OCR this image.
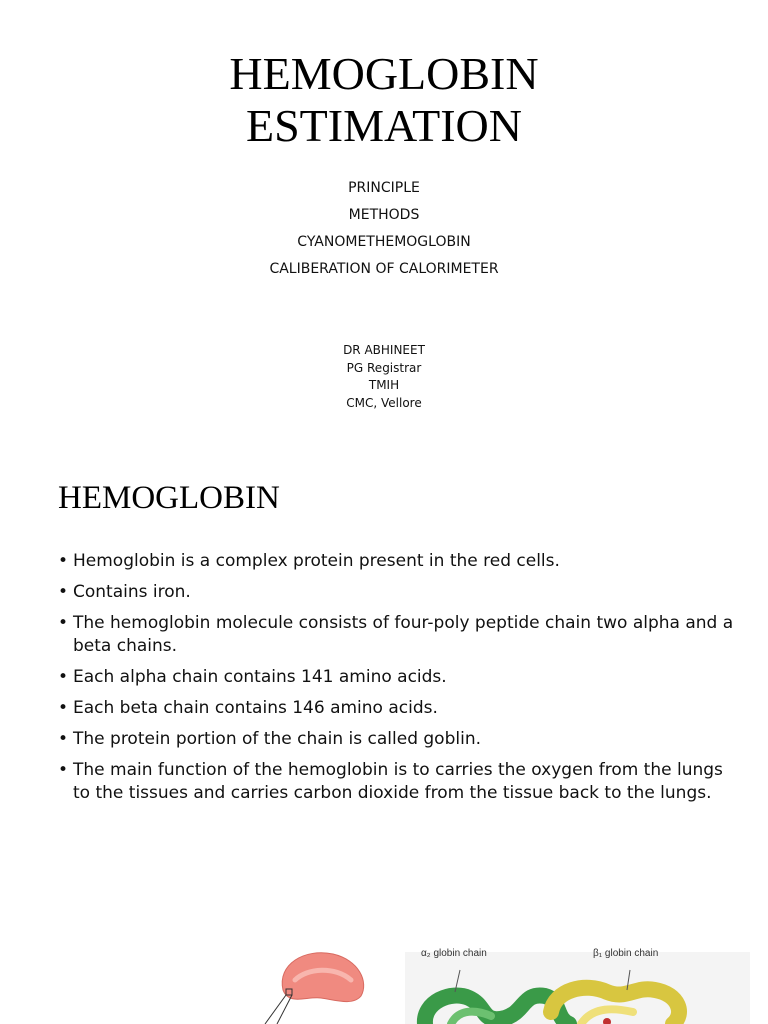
HEMOGLOBIN
ESTIMATION
PRINCIPLE
METHODS
CYANOMETHEMOGLOBIN
CALIBERATION OF CALORIMETER
DR ABHINEET
PG Registrar
TMIH
CMC, Vellore
HEMOGLOBIN
• Hemoglobin is a complex protein present in the red cells.
• Contains iron.
• The hemoglobin molecule consists of four-poly peptide chain two alpha and a beta chains.
• Each alpha chain contains 141 amino acids.
• Each beta chain contains 146 amino acids.
• The protein portion of the chain is called goblin.
• The main function of the hemoglobin is to carries the oxygen from the lungs to the tissues and carries carbon dioxide from the tissue back to the lungs.
α₂ globin chain	β₁ globin chain
